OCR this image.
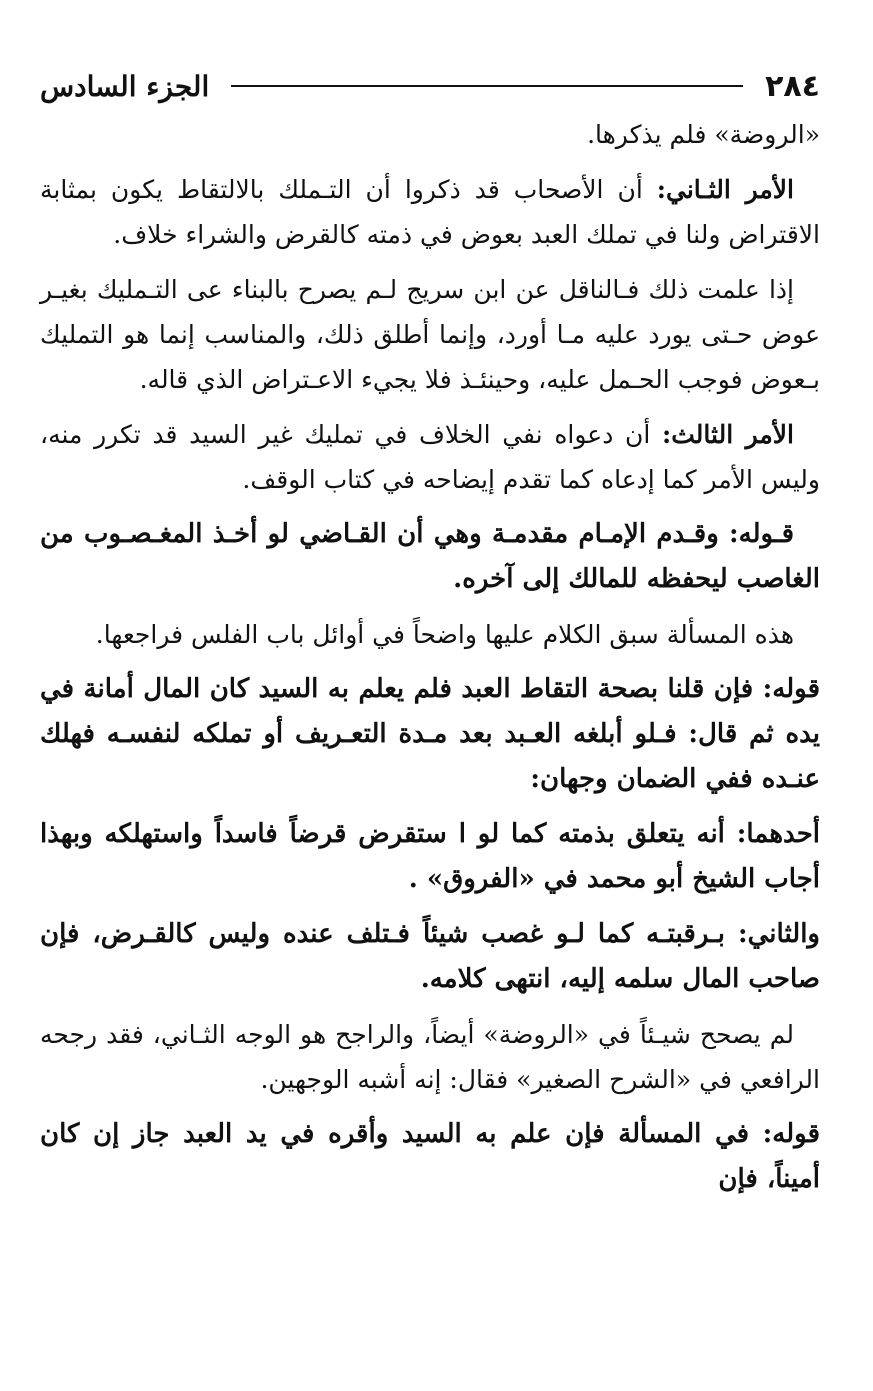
٢٨٤
الجزء السادس

«الروضة» فلم يذكرها.

الأمر الثـاني: أن الأصحاب قد ذكروا أن التـملك بالالتقاط يكون بمثابة الاقتراض ولنا في تملك العبد بعوض في ذمته كالقرض والشراء خلاف.

إذا علمت ذلك فـالناقل عن ابن سريج لـم يصرح بالبناء عى التـمليك بغيـر عوض حـتى يورد عليه مـا أورد، وإنما أطلق ذلك، والمناسب إنما هو التمليك بـعوض فوجب الحـمل عليه، وحينئـذ فلا يجيء الاعـتراض الذي قاله.

الأمر الثالث: أن دعواه نفي الخلاف في تمليك غير السيد قد تكرر منه، وليس الأمر كما إدعاه كما تقدم إيضاحه في كتاب الوقف.

قـوله: وقـدم الإمـام مقدمـة وهي أن القـاضي لو أخـذ المغـصـوب من الغاصب ليحفظه للمالك إلى آخره.

هذه المسألة سبق الكلام عليها واضحاً في أوائل باب الفلس فراجعها.

قوله: فإن قلنا بصحة التقاط العبد فلم يعلم به السيد كان المال أمانة في يده ثم قال: فـلو أبلغه العـبد بعد مـدة التعـريف أو تملكه لنفسـه فهلك عنـده ففي الضمان وجهان:

أحدهما: أنه يتعلق بذمته كما لو ا ستقرض قرضاً فاسداً واستهلكه وبهذا أجاب الشيخ أبو محمد في «الفروق» .

والثاني: بـرقبتـه كما لـو غصب شيئاً فـتلف عنده وليس كالقـرض، فإن صاحب المال سلمه إليه، انتهى كلامه.

لم يصحح شيـئاً في «الروضة» أيضاً، والراجح هو الوجه الثـاني، فقد رجحه الرافعي في «الشرح الصغير» فقال: إنه أشبه الوجهين.

قوله: في المسألة فإن علم به السيد وأقره في يد العبد جاز إن كان أميناً، فإن
